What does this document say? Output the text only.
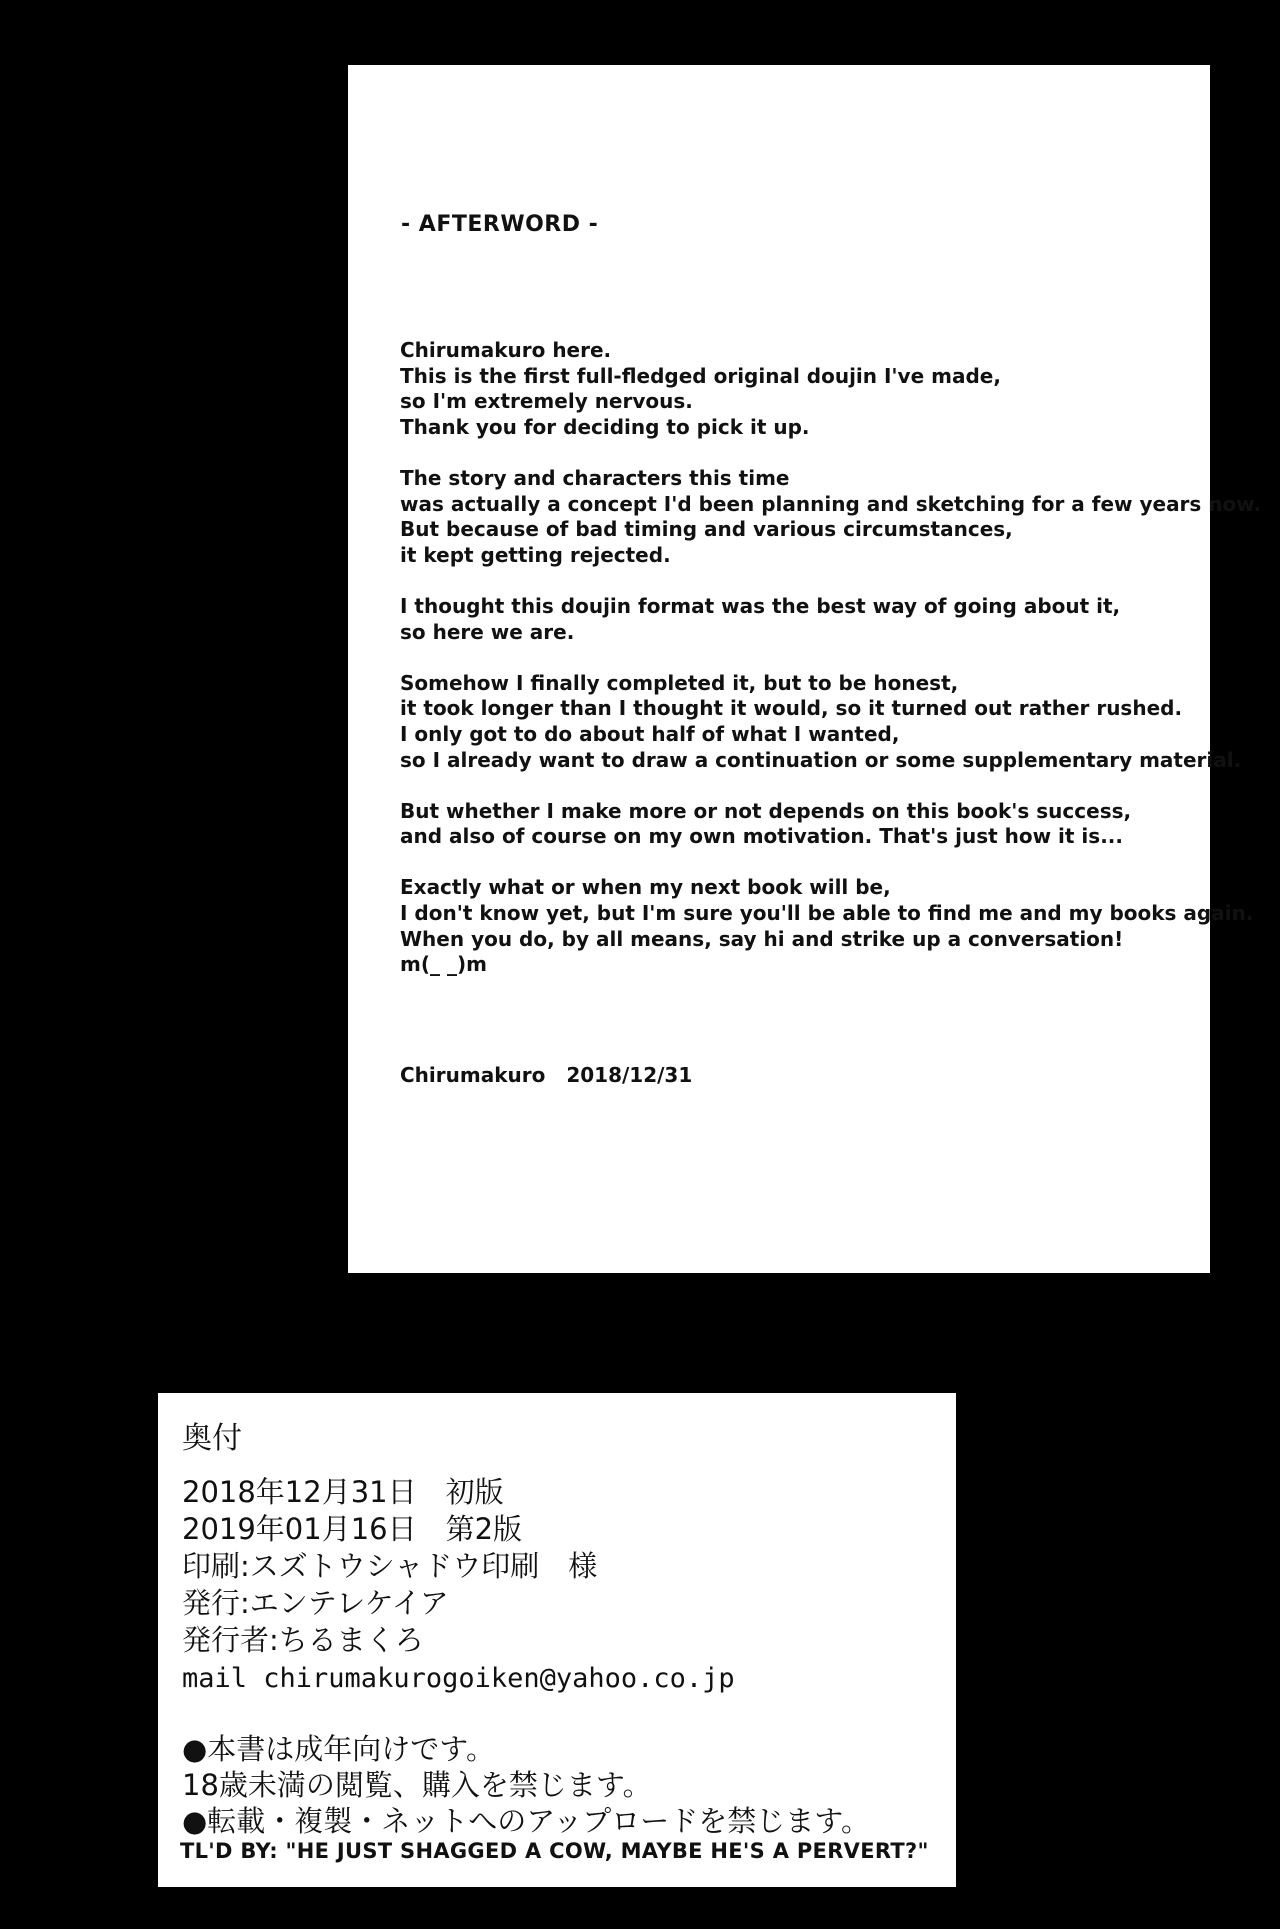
- AFTERWORD -

Chirumakuro here.
This is the first full-fledged original doujin I've made,
so I'm extremely nervous.
Thank you for deciding to pick it up.

The story and characters this time
was actually a concept I'd been planning and sketching for a few years now.
But because of bad timing and various circumstances,
it kept getting rejected.

I thought this doujin format was the best way of going about it,
so here we are.

Somehow I finally completed it, but to be honest,
it took longer than I thought it would, so it turned out rather rushed.
I only got to do about half of what I wanted,
so I already want to draw a continuation or some supplementary material.

But whether I make more or not depends on this book's success,
and also of course on my own motivation. That's just how it is...

Exactly what or when my next book will be,
I don't know yet, but I'm sure you'll be able to find me and my books again.
When you do, by all means, say hi and strike up a conversation!
m(_ _)m

Chirumakuro 2018/12/31
奥付
2018年12月31日　初版
2019年01月16日　第2版
印刷:スズトウシャドウ印刷　様
発行:エンテレケイア
発行者:ちるまくろ
mail chirumakurogoiken@yahoo.co.jp
●本書は成年向けです。
18歳未満の閲覧、購入を禁じます。
●転載・複製・ネットへのアップロードを禁じます。
TL'D BY: "HE JUST SHAGGED A COW, MAYBE HE'S A PERVERT?"
